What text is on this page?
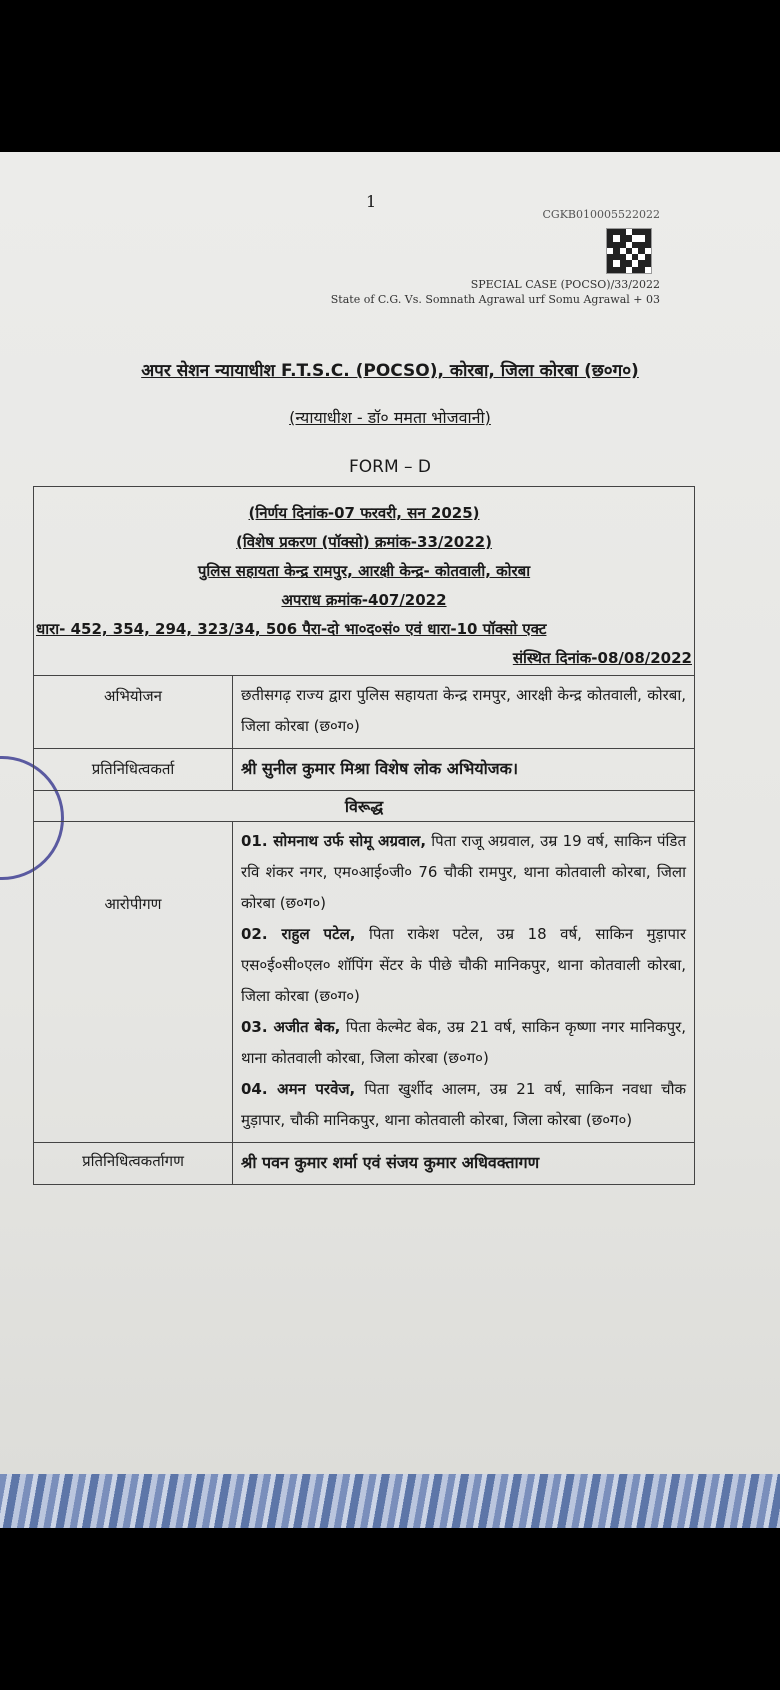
1
CGKB010005522022
SPECIAL CASE (POCSO)/33/2022
State of C.G. Vs. Somnath Agrawal urf Somu Agrawal + 03
अपर सेशन न्यायाधीश F.T.S.C. (POCSO), कोरबा, जिला कोरबा (छ०ग०)
(न्यायाधीश - डॉ० ममता भोजवानी)
FORM – D
(निर्णय दिनांक-07 फरवरी, सन 2025)
(विशेष प्रकरण (पॉक्सो) क्रमांक-33/2022)
पुलिस सहायता केन्द्र रामपुर, आरक्षी केन्द्र- कोतवाली, कोरबा
अपराध क्रमांक-407/2022
धारा- 452, 354, 294, 323/34, 506 पैरा-दो भा०द०सं० एवं धारा-10 पॉक्सो एक्ट
संस्थित दिनांक-08/08/2022
अभियोजन	छतीसगढ़ राज्य द्वारा पुलिस सहायता केन्द्र रामपुर, आरक्षी केन्द्र कोतवाली, कोरबा, जिला कोरबा (छ०ग०)
प्रतिनिधित्वकर्ता	श्री सुनील कुमार मिश्रा विशेष लोक अभियोजक।
विरूद्ध
आरोपीगण

01. सोमनाथ उर्फ सोमू अग्रवाल, पिता राजू अग्रवाल, उम्र 19 वर्ष, साकिन पंडित रवि शंकर नगर, एम०आई०जी० 76 चौकी रामपुर, थाना कोतवाली कोरबा, जिला कोरबा (छ०ग०)

02. राहुल पटेल, पिता राकेश पटेल, उम्र 18 वर्ष, साकिन मुड़ापार एस०ई०सी०एल० शॉपिंग सेंटर के पीछे चौकी मानिकपुर, थाना कोतवाली कोरबा, जिला कोरबा (छ०ग०)

03. अजीत बेक, पिता केल्मेट बेक, उम्र 21 वर्ष, साकिन कृष्णा नगर मानिकपुर, थाना कोतवाली कोरबा, जिला कोरबा (छ०ग०)

04. अमन परवेज, पिता खुर्शीद आलम, उम्र 21 वर्ष, साकिन नवधा चौक मुड़ापार, चौकी मानिकपुर, थाना कोतवाली कोरबा, जिला कोरबा (छ०ग०)

प्रतिनिधित्वकर्तागण	श्री पवन कुमार शर्मा एवं संजय कुमार अधिवक्तागण
